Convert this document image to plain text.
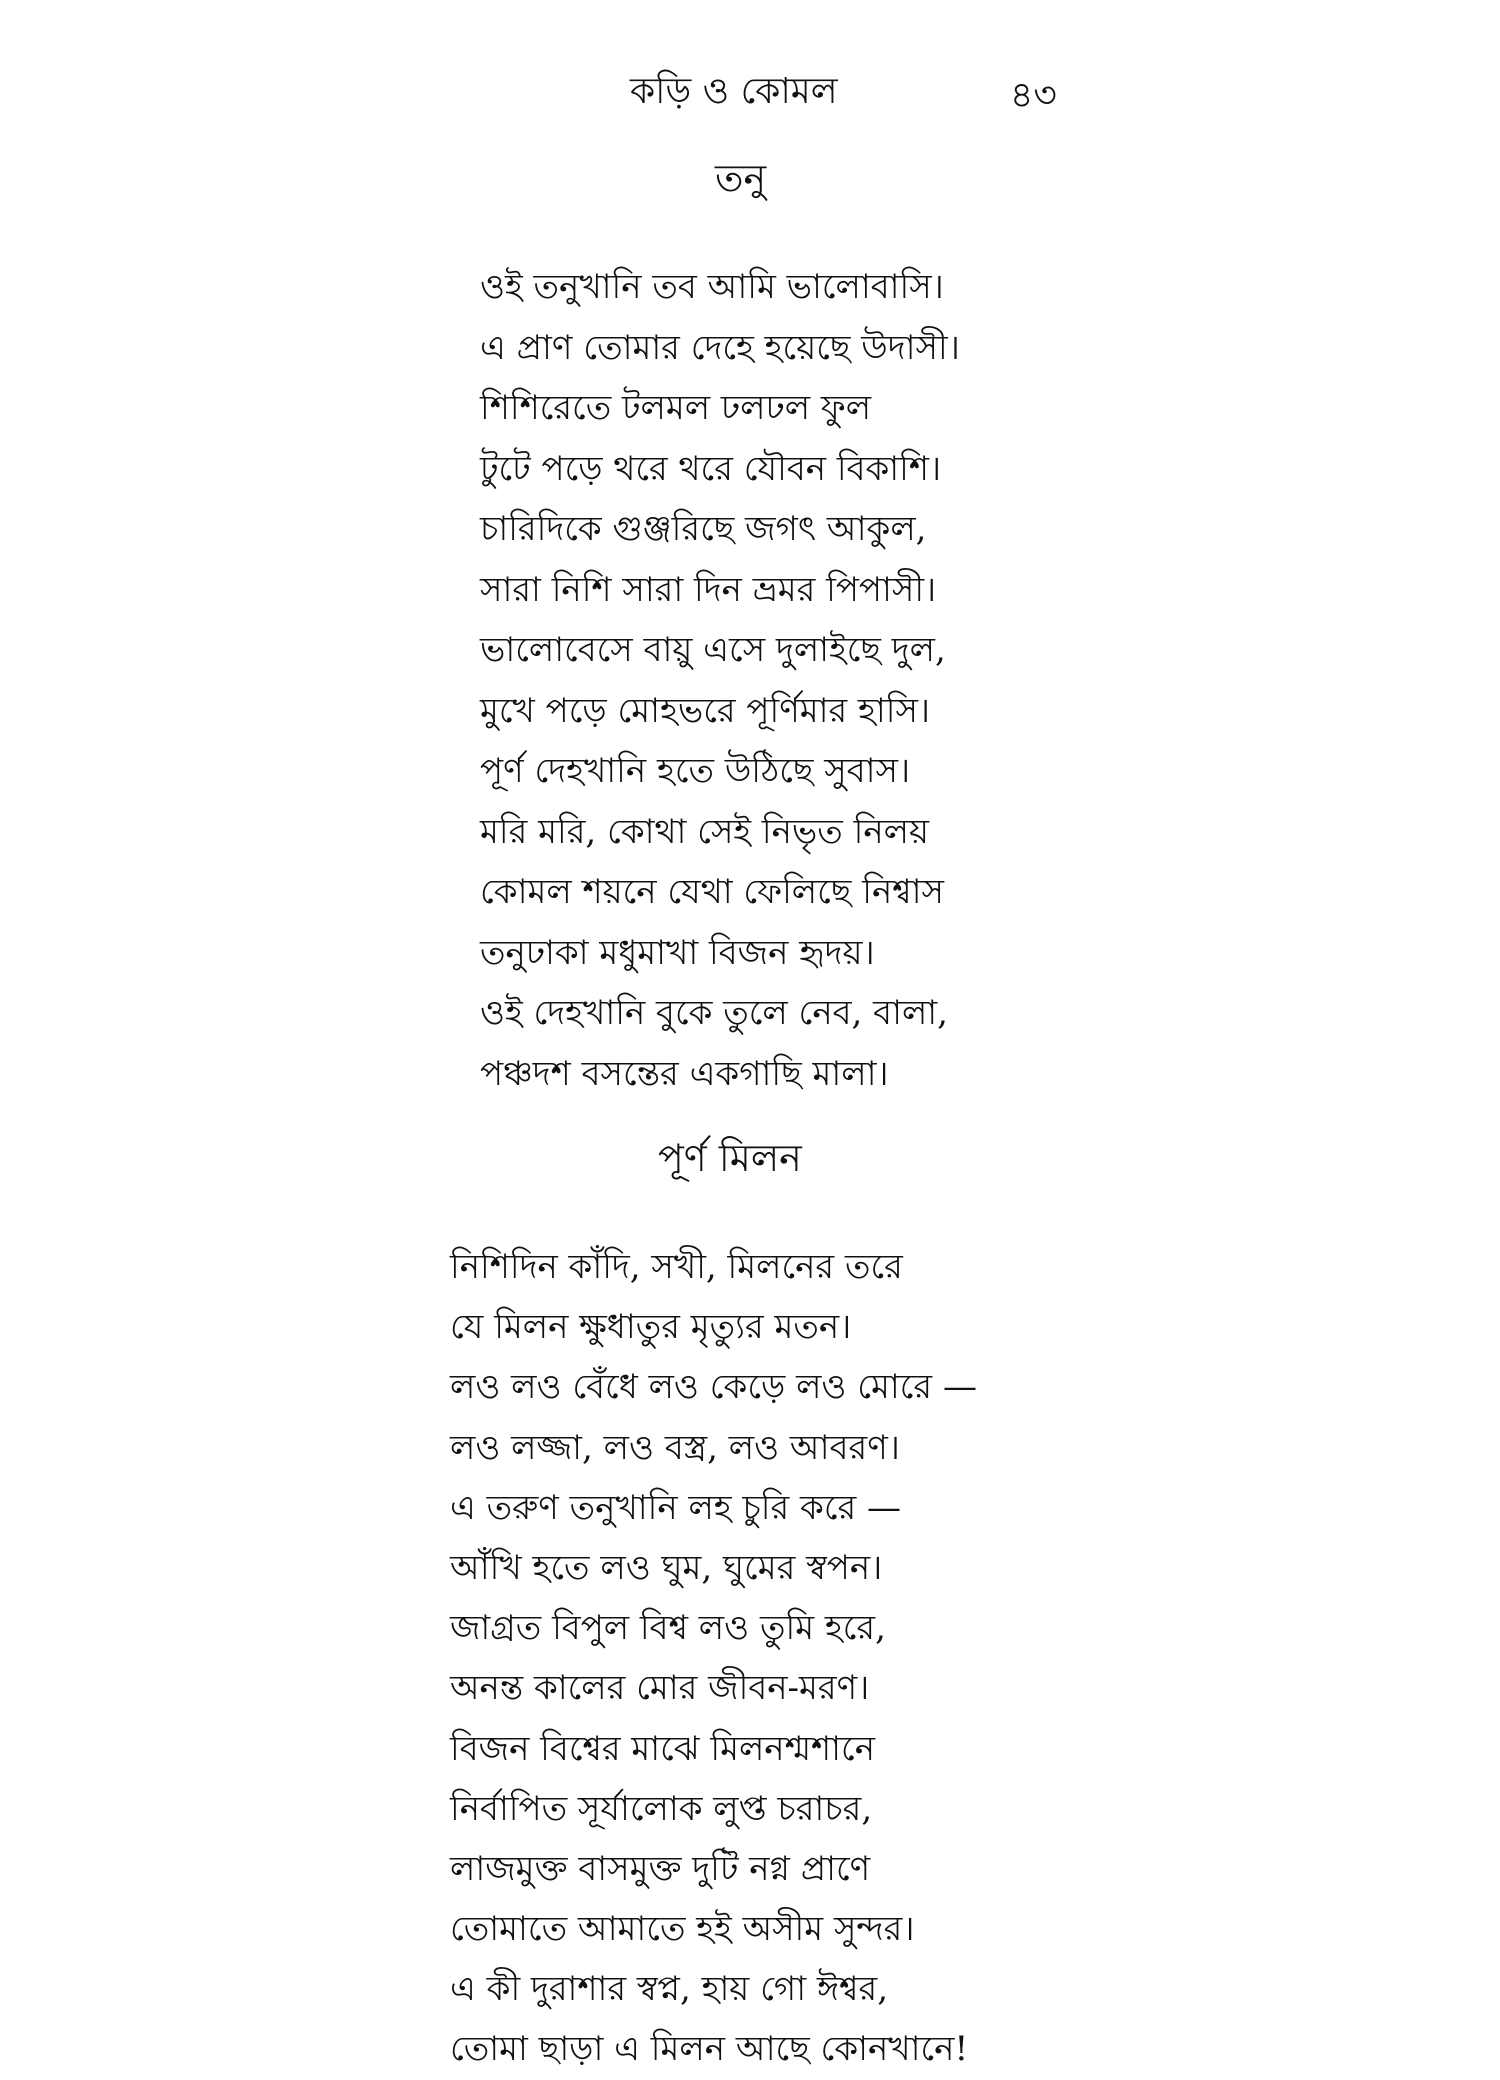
কড়ি ও কোমল	৪৩
তনু
ওই তনুখানি তব আমি ভালোবাসি।
এ প্রাণ তোমার দেহে হয়েছে উদাসী।
শিশিরেতে টলমল ঢলঢল ফুল
টুটে পড়ে থরে থরে যৌবন বিকাশি।
চারিদিকে গুঞ্জরিছে জগৎ আকুল,
সারা নিশি সারা দিন ভ্রমর পিপাসী।
ভালোবেসে বায়ু এসে দুলাইছে দুল,
মুখে পড়ে মোহভরে পূর্ণিমার হাসি।
পূর্ণ দেহখানি হতে উঠিছে সুবাস।
মরি মরি, কোথা সেই নিভৃত নিলয়
কোমল শয়নে যেথা ফেলিছে নিশ্বাস
তনুঢাকা মধুমাখা বিজন হৃদয়।
ওই দেহখানি বুকে তুলে নেব, বালা,
পঞ্চদশ বসন্তের একগাছি মালা।
পূর্ণ মিলন
নিশিদিন কাঁদি, সখী, মিলনের তরে
যে মিলন ক্ষুধাতুর মৃত্যুর মতন।
লও লও বেঁধে লও কেড়ে লও মোরে —
লও লজ্জা, লও বস্ত্র, লও আবরণ।
এ তরুণ তনুখানি লহ চুরি করে —
আঁখি হতে লও ঘুম, ঘুমের স্বপন।
জাগ্রত বিপুল বিশ্ব লও তুমি হরে,
অনন্ত কালের মোর জীবন-মরণ।
বিজন বিশ্বের মাঝে মিলনশ্মশানে
নির্বাপিত সূর্যালোক লুপ্ত চরাচর,
লাজমুক্ত বাসমুক্ত দুটি নগ্ন প্রাণে
তোমাতে আমাতে হই অসীম সুন্দর।
এ কী দুরাশার স্বপ্ন, হায় গো ঈশ্বর,
তোমা ছাড়া এ মিলন আছে কোনখানে!
